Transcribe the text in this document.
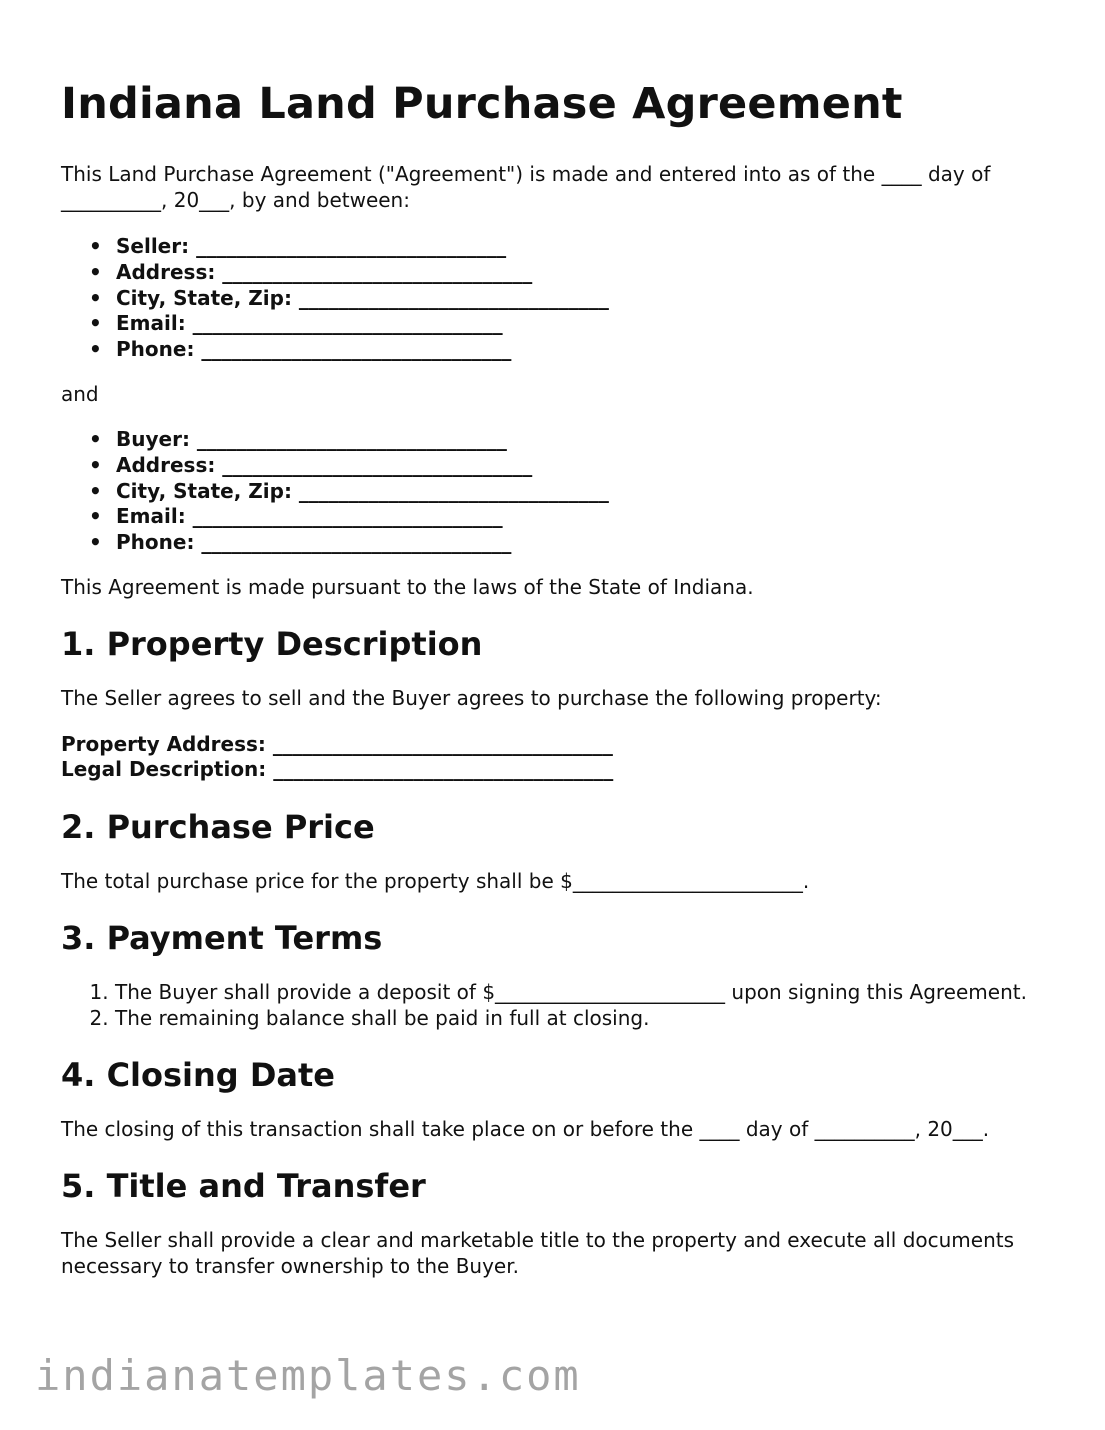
Indiana Land Purchase Agreement

This Land Purchase Agreement ("Agreement") is made and entered into as of the ____ day of __________, 20___, by and between:

• Seller: _______________________________
• Address: _______________________________
• City, State, Zip: _______________________________
• Email: _______________________________
• Phone: _______________________________

and

• Buyer: _______________________________
• Address: _______________________________
• City, State, Zip: _______________________________
• Email: _______________________________
• Phone: _______________________________

This Agreement is made pursuant to the laws of the State of Indiana.

1. Property Description

The Seller agrees to sell and the Buyer agrees to purchase the following property:

Property Address: __________________________________
Legal Description: __________________________________
2. Purchase Price

The total purchase price for the property shall be $_______________________.

3. Payment Terms
1. The Buyer shall provide a deposit of $_______________________ upon signing this Agreement.
2. The remaining balance shall be paid in full at closing.
4. Closing Date

The closing of this transaction shall take place on or before the ____ day of __________, 20___.

5. Title and Transfer

The Seller shall provide a clear and marketable title to the property and execute all documents necessary to transfer ownership to the Buyer.

indianatemplates.com
